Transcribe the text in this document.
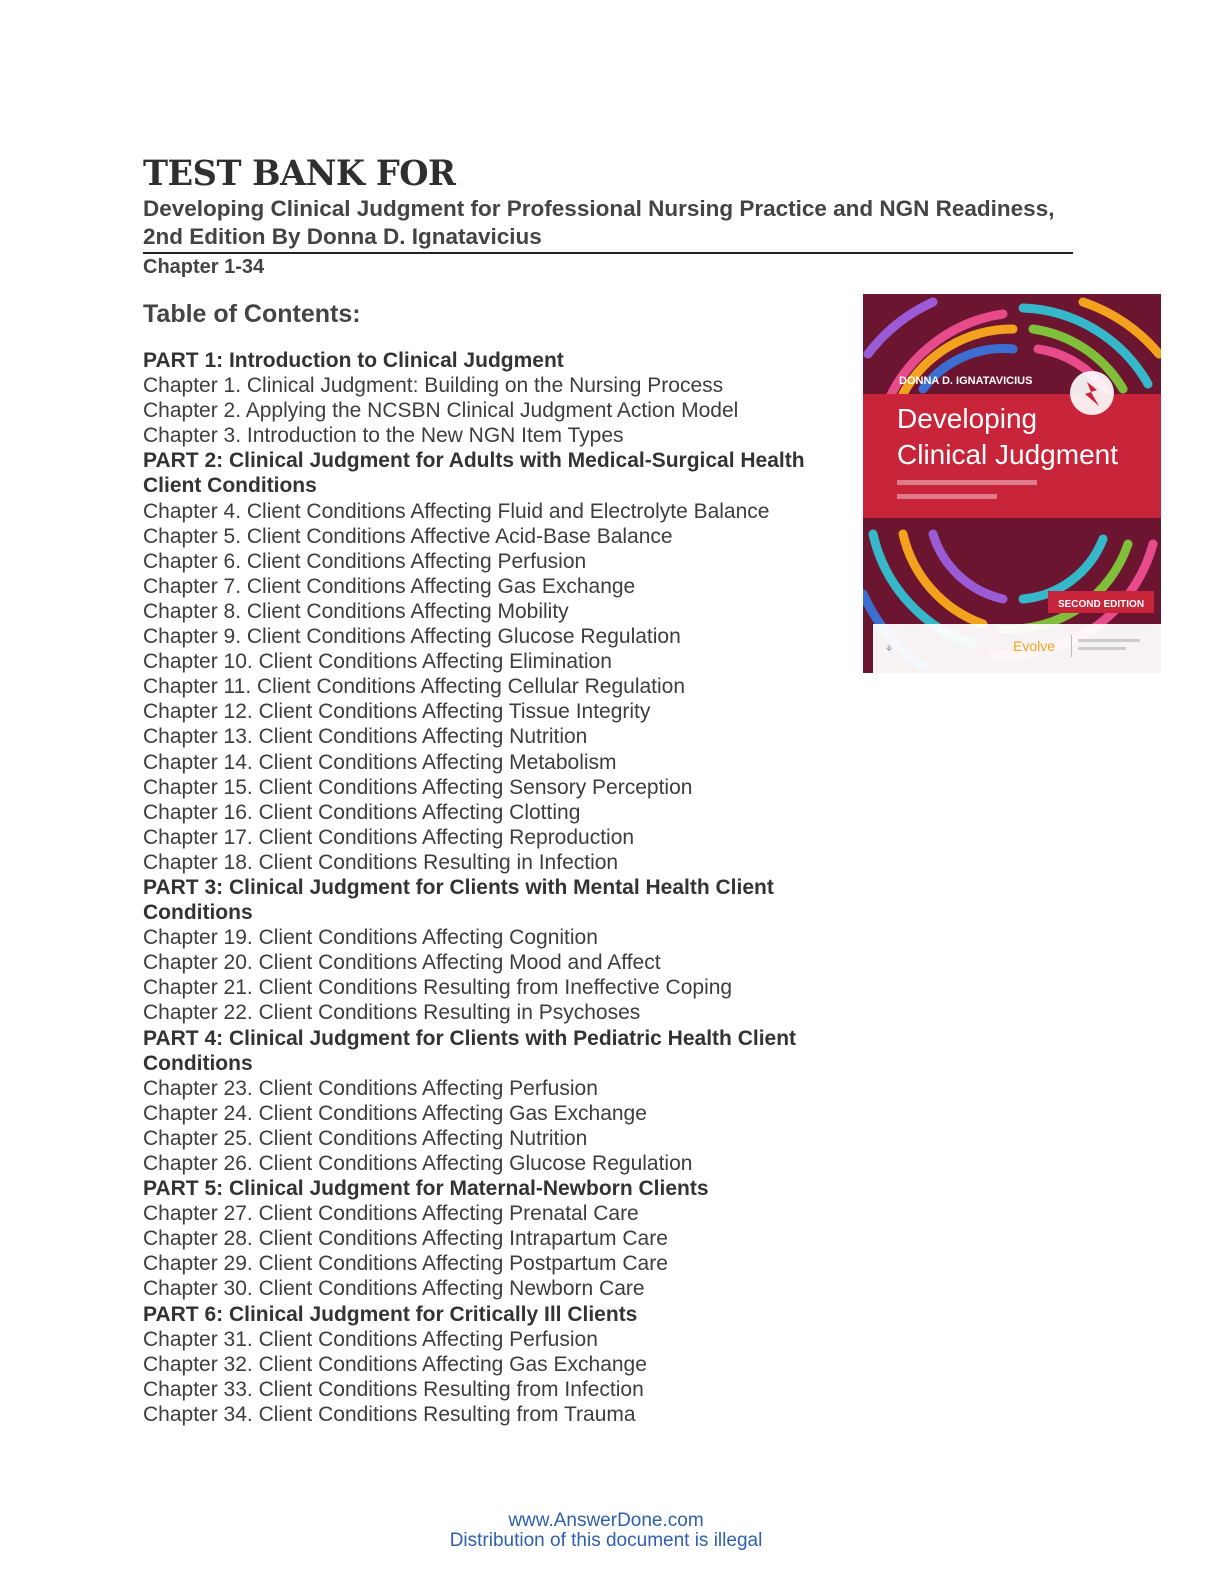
TEST BANK FOR

Developing Clinical Judgment for Professional Nursing Practice and NGN Readiness, 2nd Edition By Donna D. Ignatavicius

Chapter 1-34

Table of Contents:
PART 1: Introduction to Clinical Judgment
Chapter 1. Clinical Judgment: Building on the Nursing Process
Chapter 2. Applying the NCSBN Clinical Judgment Action Model
Chapter 3. Introduction to the New NGN Item Types
PART 2: Clinical Judgment for Adults with Medical-Surgical Health Client Conditions
Chapter 4. Client Conditions Affecting Fluid and Electrolyte Balance
Chapter 5. Client Conditions Affective Acid-Base Balance
Chapter 6. Client Conditions Affecting Perfusion
Chapter 7. Client Conditions Affecting Gas Exchange
Chapter 8. Client Conditions Affecting Mobility
Chapter 9. Client Conditions Affecting Glucose Regulation
Chapter 10. Client Conditions Affecting Elimination
Chapter 11. Client Conditions Affecting Cellular Regulation
Chapter 12. Client Conditions Affecting Tissue Integrity
Chapter 13. Client Conditions Affecting Nutrition
Chapter 14. Client Conditions Affecting Metabolism
Chapter 15. Client Conditions Affecting Sensory Perception
Chapter 16. Client Conditions Affecting Clotting
Chapter 17. Client Conditions Affecting Reproduction
Chapter 18. Client Conditions Resulting in Infection
PART 3: Clinical Judgment for Clients with Mental Health Client Conditions
Chapter 19. Client Conditions Affecting Cognition
Chapter 20. Client Conditions Affecting Mood and Affect
Chapter 21. Client Conditions Resulting from Ineffective Coping
Chapter 22. Client Conditions Resulting in Psychoses
PART 4: Clinical Judgment for Clients with Pediatric Health Client Conditions
Chapter 23. Client Conditions Affecting Perfusion
Chapter 24. Client Conditions Affecting Gas Exchange
Chapter 25. Client Conditions Affecting Nutrition
Chapter 26. Client Conditions Affecting Glucose Regulation
PART 5: Clinical Judgment for Maternal-Newborn Clients
Chapter 27. Client Conditions Affecting Prenatal Care
Chapter 28. Client Conditions Affecting Intrapartum Care
Chapter 29. Client Conditions Affecting Postpartum Care
Chapter 30. Client Conditions Affecting Newborn Care
PART 6: Clinical Judgment for Critically Ill Clients
Chapter 31. Client Conditions Affecting Perfusion
Chapter 32. Client Conditions Affecting Gas Exchange
Chapter 33. Client Conditions Resulting from Infection
Chapter 34. Client Conditions Resulting from Trauma
DONNA D. IGNATAVICIUS
Developing
Clinical Judgment
SECOND EDITION
⚘	Evolve
www.AnswerDone.com
Distribution of this document is illegal
